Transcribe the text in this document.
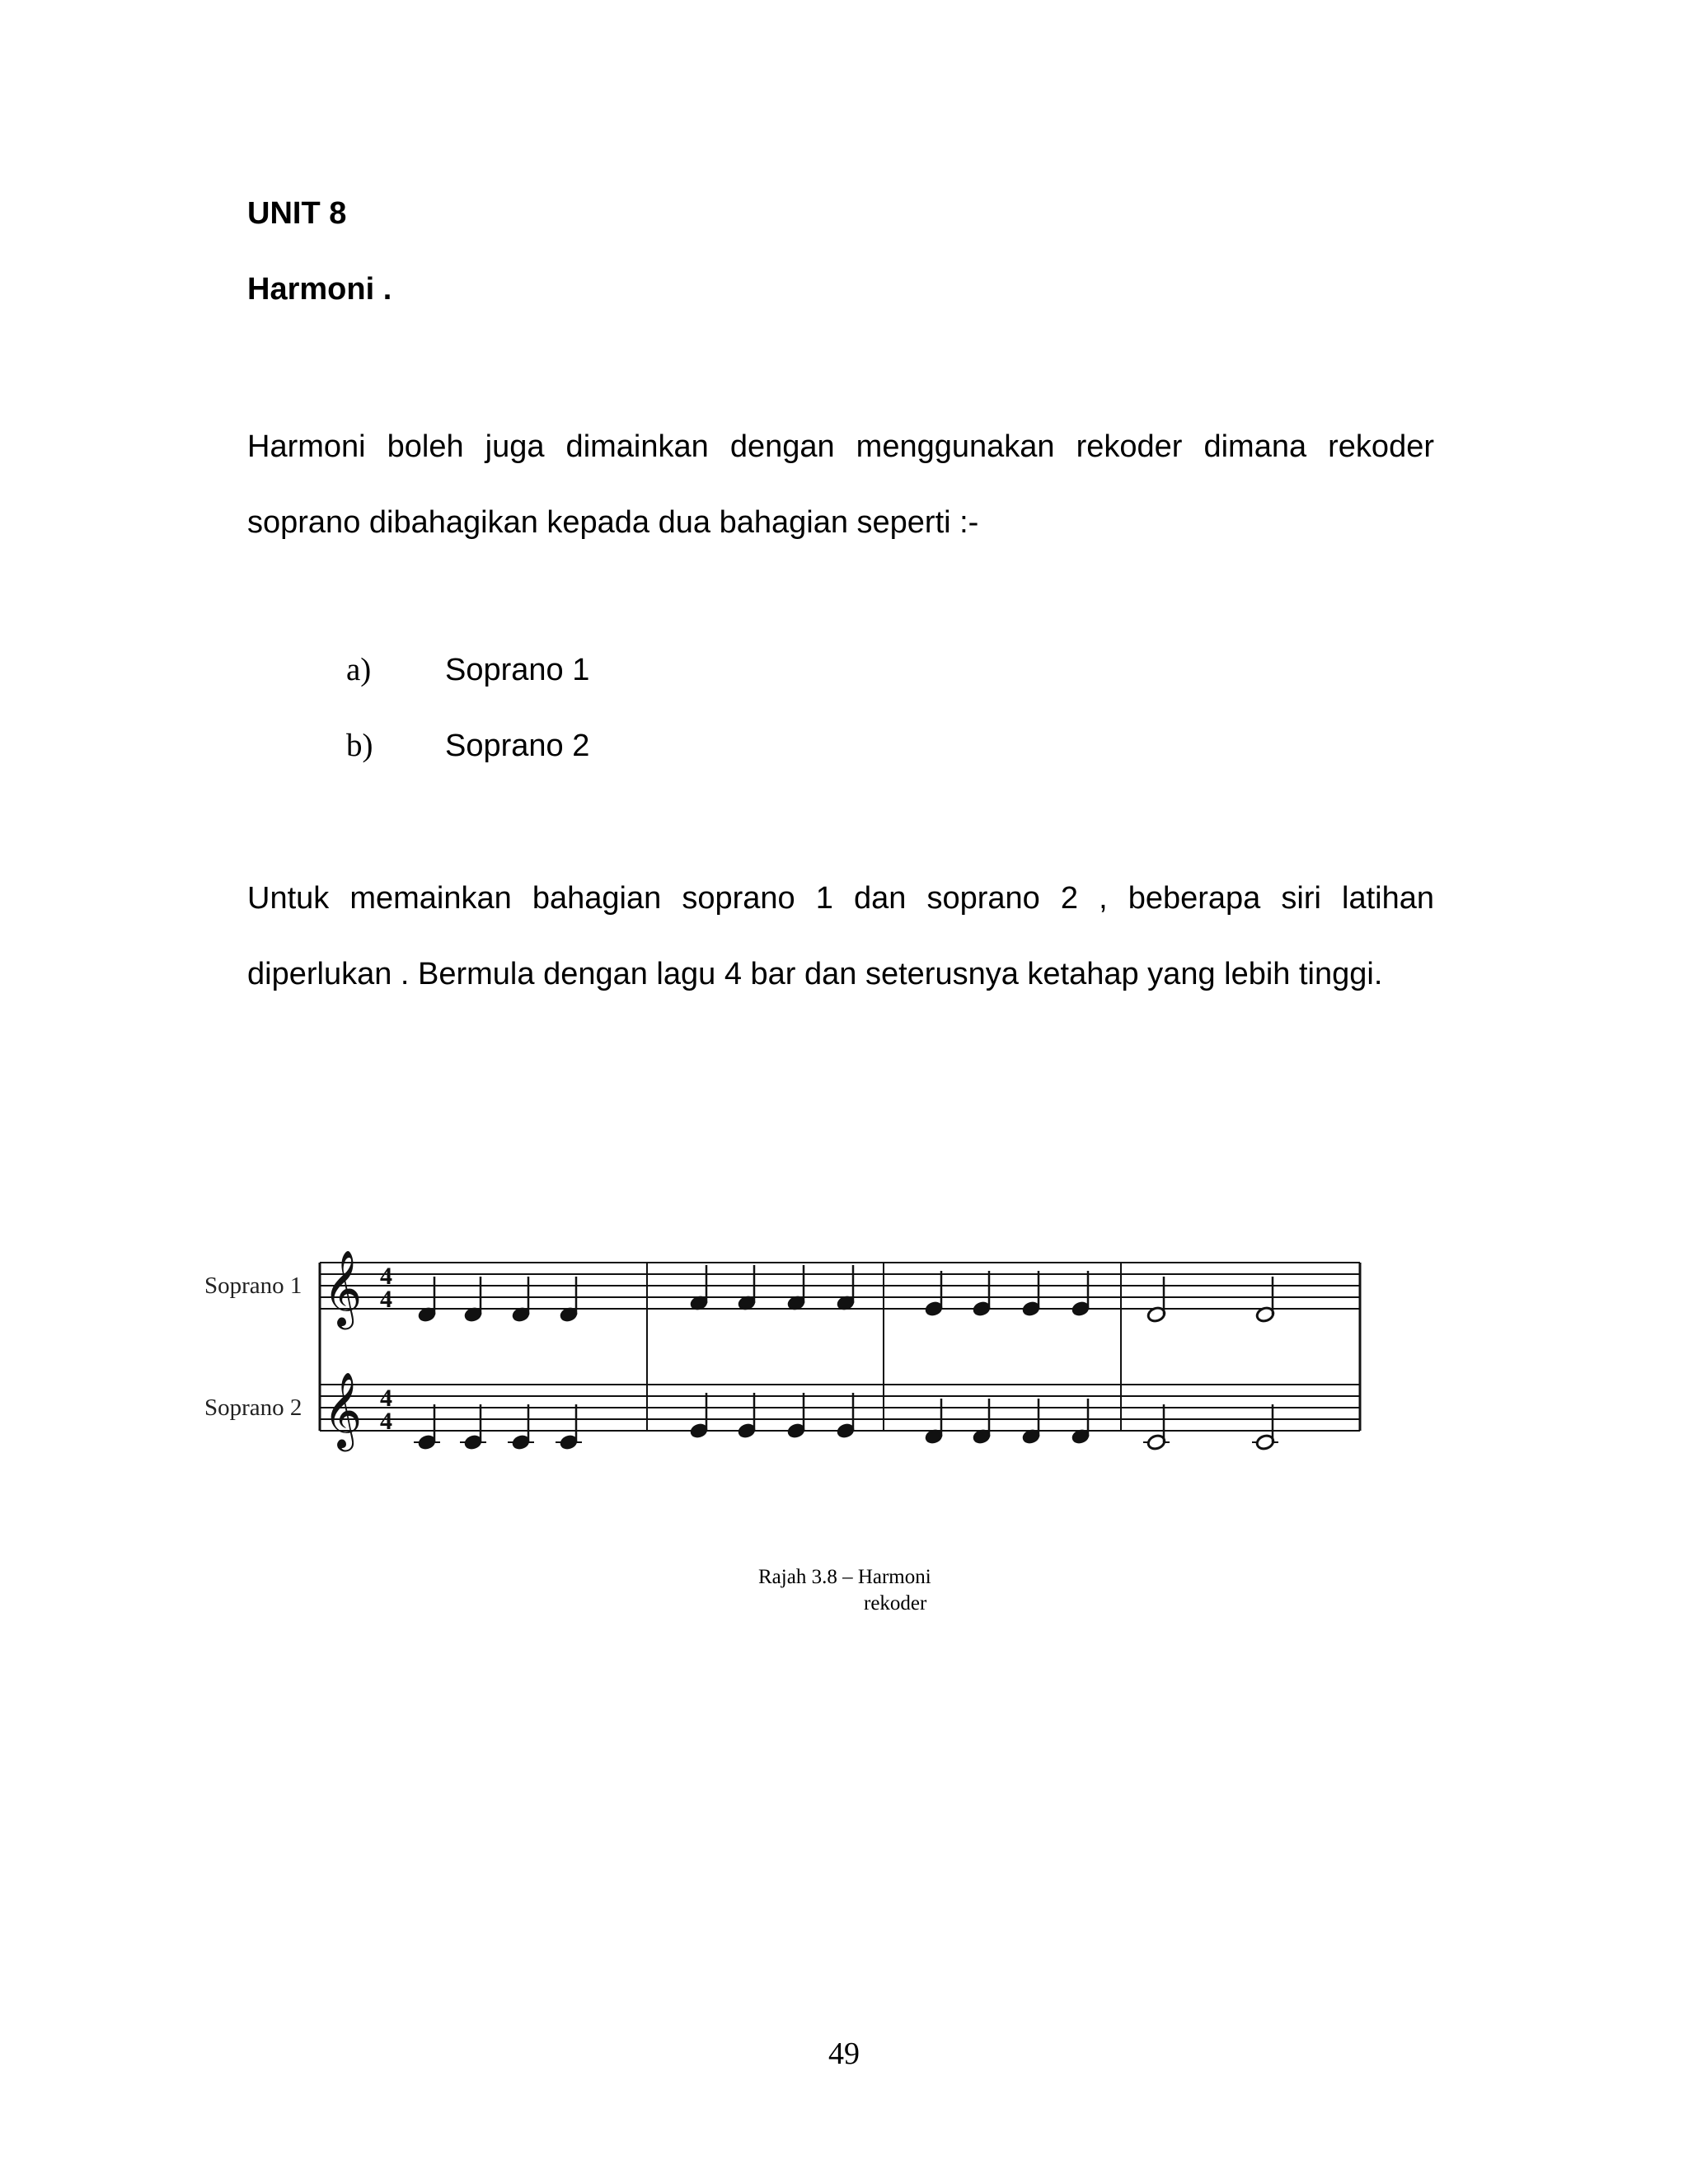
UNIT 8
Harmoni .
Harmoni boleh juga dimainkan dengan menggunakan rekoder dimana rekoder soprano dibahagikan kepada dua bahagian seperti :-
a) Soprano 1
b) Soprano 2
Untuk memainkan bahagian soprano 1 dan soprano 2 , beberapa siri latihan diperlukan . Bermula dengan lagu 4 bar dan seterusnya ketahap yang lebih tinggi.
Soprano 1
Soprano 2
𝄞
𝄞
4
4
4
4
Rajah 3.8 – Harmoni
rekoder
49
